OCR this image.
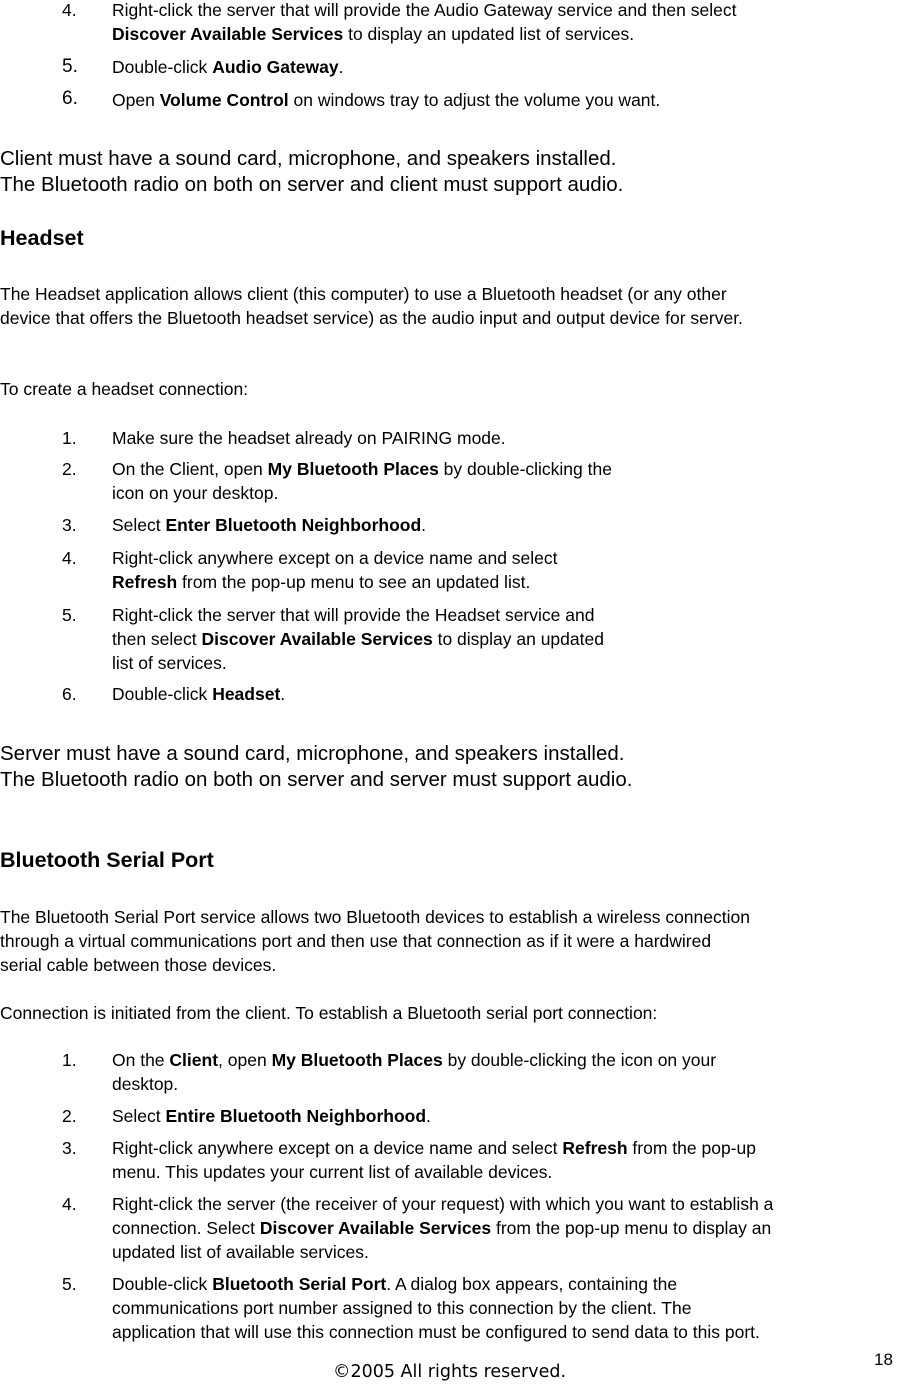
4. Right-click the server that will provide the Audio Gateway service and then select
Discover Available Services to display an updated list of services.
5. Double-click Audio Gateway.
6. Open Volume Control on windows tray to adjust the volume you want.
Client must have a sound card, microphone, and speakers installed.
The Bluetooth radio on both on server and client must support audio.
Headset
The Headset application allows client (this computer) to use a Bluetooth headset (or any other
device that offers the Bluetooth headset service) as the audio input and output device for server.
To create a headset connection:
1. Make sure the headset already on PAIRING mode.
2. On the Client, open My Bluetooth Places by double-clicking the
icon on your desktop.
3. Select Enter Bluetooth Neighborhood.
4. Right-click anywhere except on a device name and select
Refresh from the pop-up menu to see an updated list.
5. Right-click the server that will provide the Headset service and
then select Discover Available Services to display an updated
list of services.
6. Double-click Headset.
Server must have a sound card, microphone, and speakers installed.
The Bluetooth radio on both on server and server must support audio.
Bluetooth Serial Port
The Bluetooth Serial Port service allows two Bluetooth devices to establish a wireless connection
through a virtual communications port and then use that connection as if it were a hardwired
serial cable between those devices.
Connection is initiated from the client. To establish a Bluetooth serial port connection:
1. On the Client, open My Bluetooth Places by double-clicking the icon on your
desktop.
2. Select Entire Bluetooth Neighborhood.
3. Right-click anywhere except on a device name and select Refresh from the pop-up
menu. This updates your current list of available devices.
4. Right-click the server (the receiver of your request) with which you want to establish a
connection. Select Discover Available Services from the pop-up menu to display an
updated list of available services.
5. Double-click Bluetooth Serial Port. A dialog box appears, containing the
communications port number assigned to this connection by the client. The
application that will use this connection must be configured to send data to this port.
18
©2005 All rights reserved.
